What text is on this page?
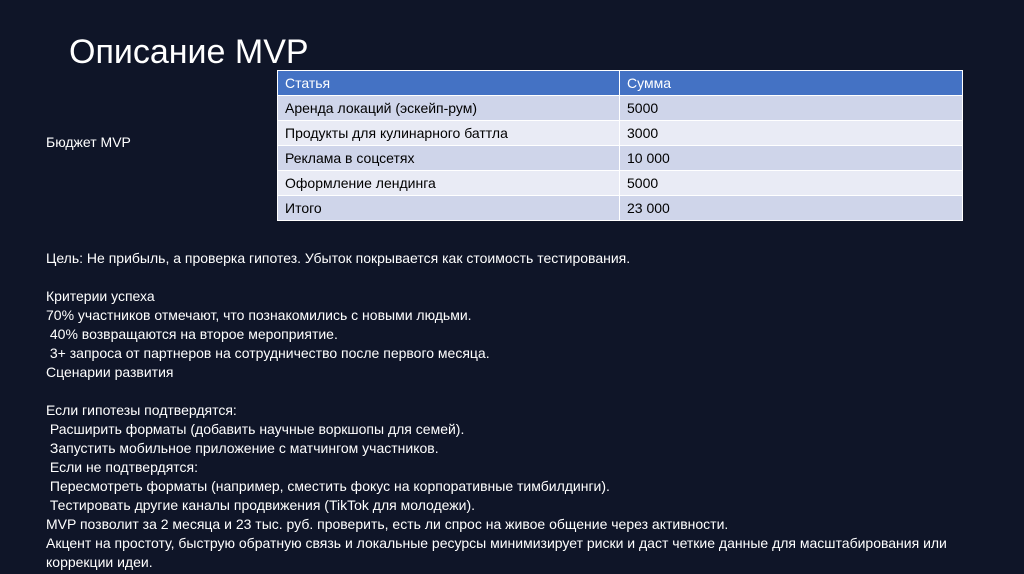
Описание MVP
Бюджет MVP
Статья	Сумма
Аренда локаций (эскейп-рум)	5000
Продукты для кулинарного баттла	3000
Реклама в соцсетях	10 000
Оформление лендинга	5000
Итого	23 000
Цель: Не прибыль, а проверка гипотез. Убыток покрывается как стоимость тестирования.
Критерии успеха
70% участников отмечают, что познакомились с новыми людьми.
40% возвращаются на второе мероприятие.
3+ запроса от партнеров на сотрудничество после первого месяца.
Сценарии развития
Если гипотезы подтвердятся:
Расширить форматы (добавить научные воркшопы для семей).
Запустить мобильное приложение с матчингом участников.
Если не подтвердятся:
Пересмотреть форматы (например, сместить фокус на корпоративные тимбилдинги).
Тестировать другие каналы продвижения (TikTok для молодежи).
MVP позволит за 2 месяца и 23 тыс. руб. проверить, есть ли спрос на живое общение через активности.
Акцент на простоту, быструю обратную связь и локальные ресурсы минимизирует риски и даст четкие данные для масштабирования или коррекции идеи.
